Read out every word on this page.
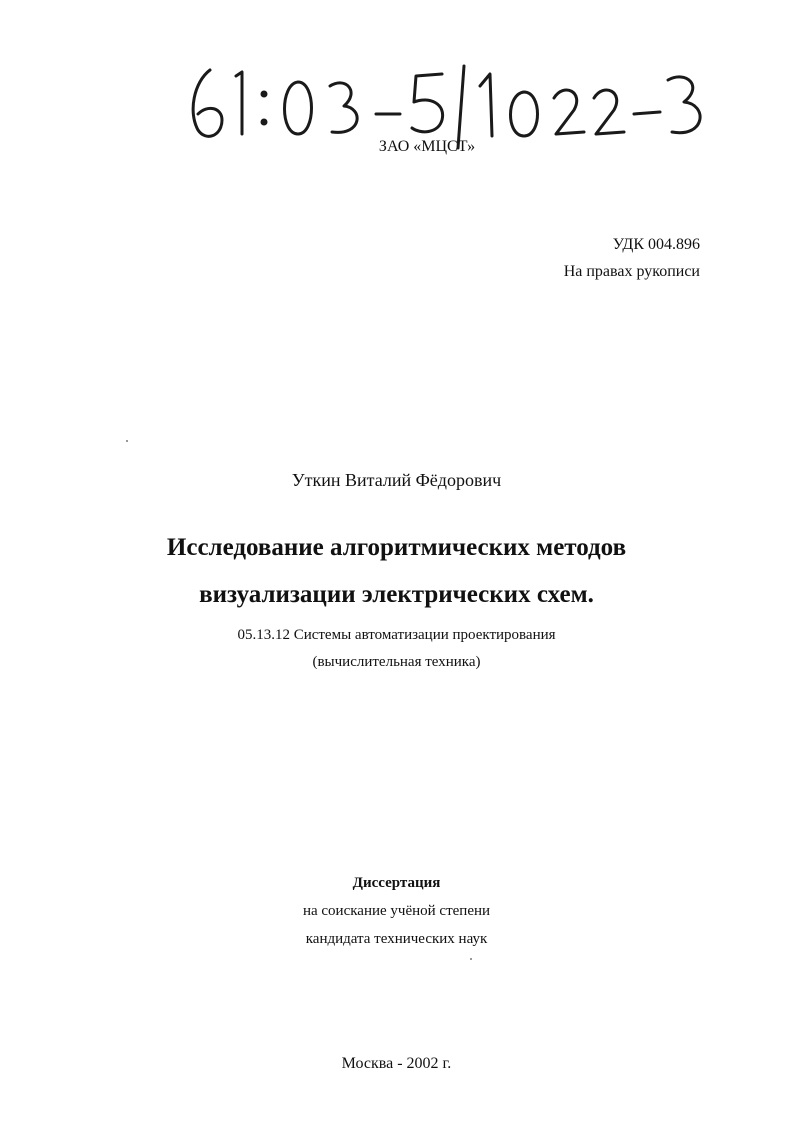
ЗАО «МЦСТ»
УДК 004.896
На правах рукописи
Уткин Виталий Фёдорович
Исследование алгоритмических методов
визуализации электрических схем.
05.13.12 Системы автоматизации проектирования
(вычислительная техника)
Диссертация
на соискание учёной степени
кандидата технических наук
Москва - 2002 г.
